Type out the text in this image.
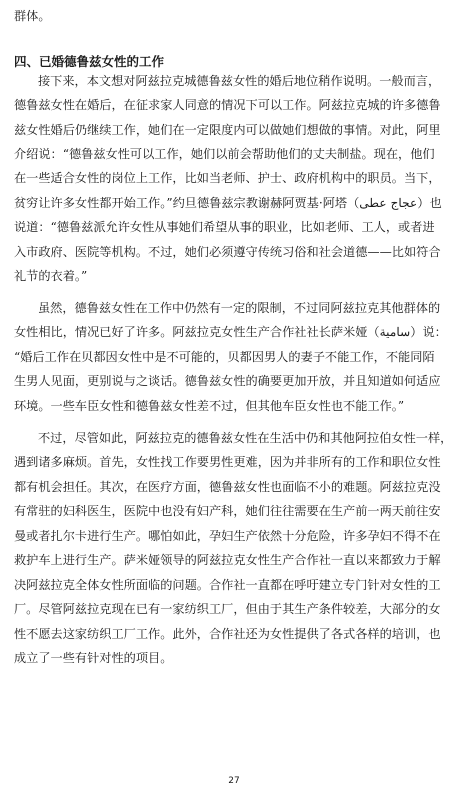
群体。
四、已婚德鲁兹女性的工作
接下来，本文想对阿兹拉克城德鲁兹女性的婚后地位稍作说明。一般而言，
德鲁兹女性在婚后，在征求家人同意的情况下可以工作。阿兹拉克城的许多德鲁
兹女性婚后仍继续工作，她们在一定限度内可以做她们想做的事情。对此，阿里
介绍说：“德鲁兹女性可以工作，她们以前会帮助他们的丈夫制盐。现在，他们
在一些适合女性的岗位上工作，比如当老师、护士、政府机构中的职员。当下，
贫穷让许多女性都开始工作。”约旦德鲁兹宗教谢赫阿贾基·阿塔（عجاج عطى）也
说道：“德鲁兹派允许女性从事她们希望从事的职业，比如老师、工人，或者进
入市政府、医院等机构。不过，她们必须遵守传统习俗和社会道德——比如符合
礼节的衣着。”
虽然，德鲁兹女性在工作中仍然有一定的限制，不过同阿兹拉克其他群体的
女性相比，情况已好了许多。阿兹拉克女性生产合作社社长萨米娅（سامية）说：
“婚后工作在贝都因女性中是不可能的，贝都因男人的妻子不能工作，不能同陌
生男人见面，更别说与之谈话。德鲁兹女性的确要更加开放，并且知道如何适应
环境。一些车臣女性和德鲁兹女性差不过，但其他车臣女性也不能工作。”
不过，尽管如此，阿兹拉克的德鲁兹女性在生活中仍和其他阿拉伯女性一样，
遇到诸多麻烦。首先，女性找工作要男性更难，因为并非所有的工作和职位女性
都有机会担任。其次，在医疗方面，德鲁兹女性也面临不小的难题。阿兹拉克没
有常驻的妇科医生，医院中也没有妇产科，她们往往需要在生产前一两天前往安
曼或者扎尔卡进行生产。哪怕如此，孕妇生产依然十分危险，许多孕妇不得不在
救护车上进行生产。萨米娅领导的阿兹拉克女性生产合作社一直以来都致力于解
决阿兹拉克全体女性所面临的问题。合作社一直都在呼吁建立专门针对女性的工
厂。尽管阿兹拉克现在已有一家纺织工厂，但由于其生产条件较差，大部分的女
性不愿去这家纺织工厂工作。此外，合作社还为女性提供了各式各样的培训，也
成立了一些有针对性的项目。
27
